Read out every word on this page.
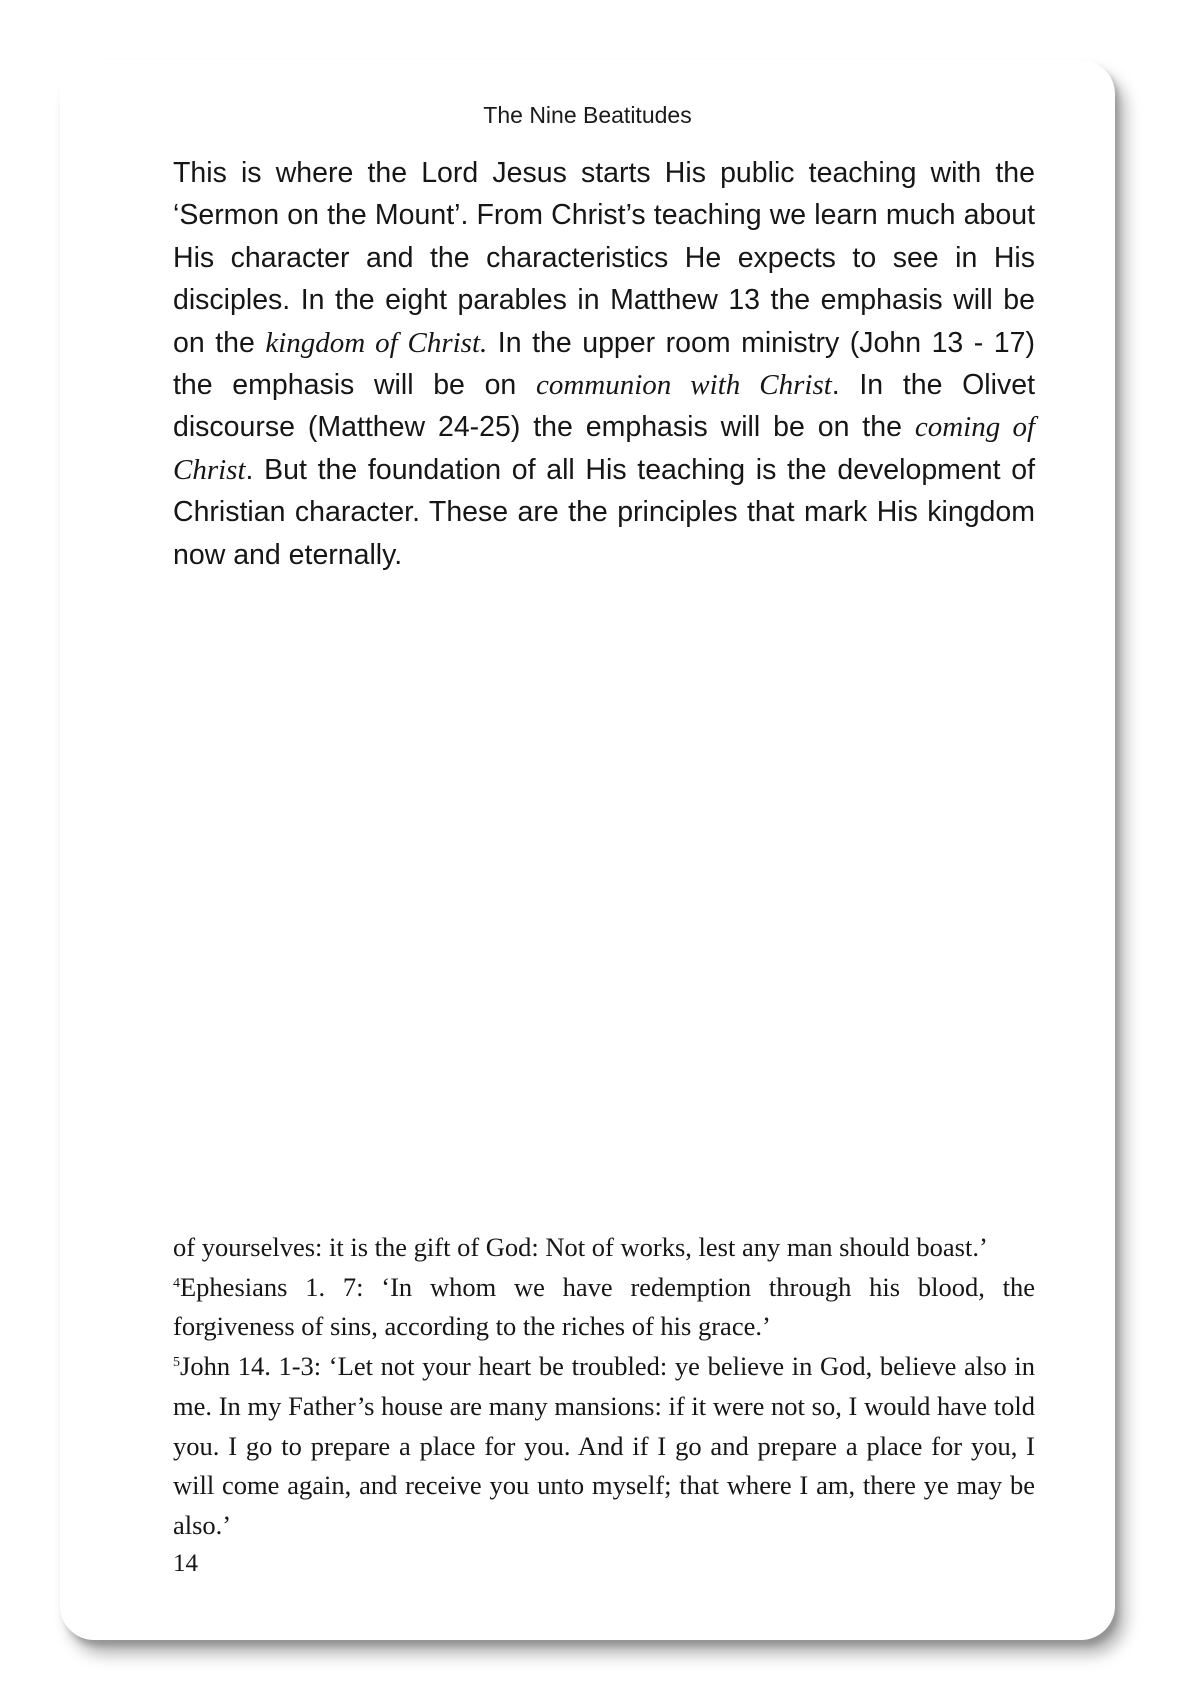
The Nine Beatitudes

This is where the Lord Jesus starts His public teaching with the ‘Sermon on the Mount’. From Christ’s teaching we learn much about His character and the characteristics He expects to see in His disciples. In the eight parables in Matthew 13 the emphasis will be on the kingdom of Christ. In the upper room ministry (John 13 - 17) the emphasis will be on communion with Christ. In the Olivet discourse (Matthew 24-25) the emphasis will be on the coming of Christ. But the foundation of all His teaching is the development of Christian character. These are the principles that mark His kingdom now and eternally.

of yourselves: it is the gift of God: Not of works, lest any man should boast.’

$^4$Ephesians 1. 7: ‘In whom we have redemption through his blood, the forgiveness of sins, according to the riches of his grace.’

$^5$John 14. 1-3: ‘Let not your heart be troubled: ye believe in God, believe also in me. In my Father’s house are many mansions: if it were not so, I would have told you. I go to prepare a place for you. And if I go and prepare a place for you, I will come again, and receive you unto myself; that where I am, there ye may be also.’

14
